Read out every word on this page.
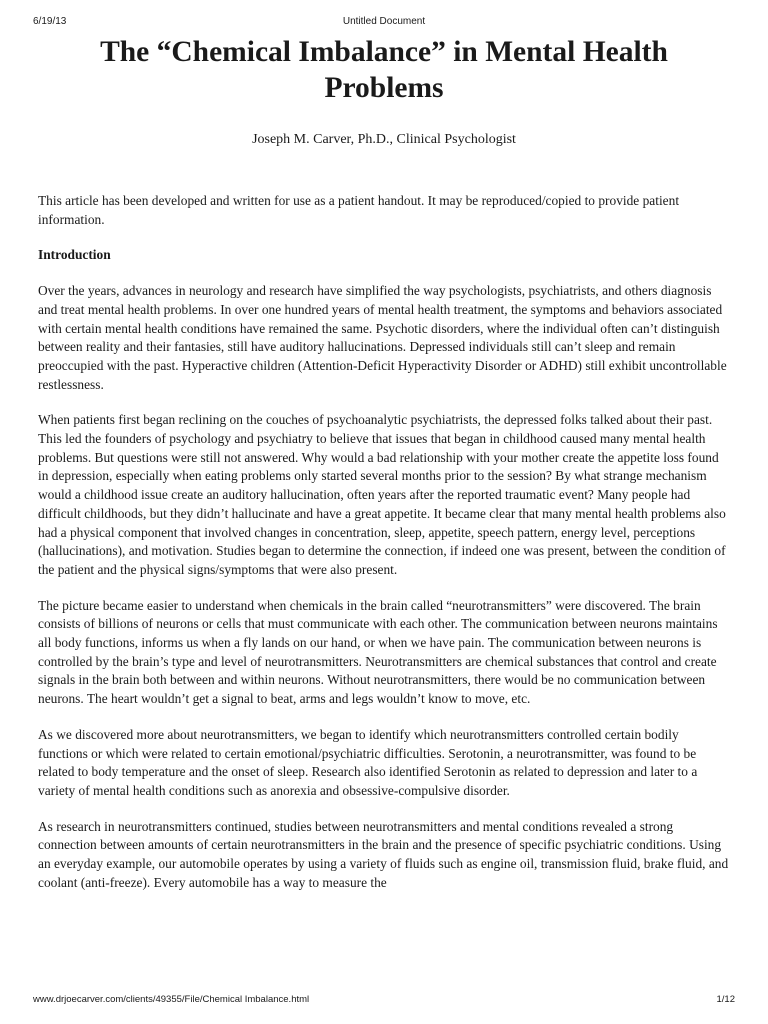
6/19/13	Untitled Document
The “Chemical Imbalance” in Mental Health Problems
Joseph M. Carver, Ph.D., Clinical Psychologist

This article has been developed and written for use as a patient handout. It may be reproduced/copied to provide patient information.

Introduction

Over the years, advances in neurology and research have simplified the way psychologists, psychiatrists, and others diagnosis and treat mental health problems. In over one hundred years of mental health treatment, the symptoms and behaviors associated with certain mental health conditions have remained the same. Psychotic disorders, where the individual often can’t distinguish between reality and their fantasies, still have auditory hallucinations. Depressed individuals still can’t sleep and remain preoccupied with the past. Hyperactive children (Attention-Deficit Hyperactivity Disorder or ADHD) still exhibit uncontrollable restlessness.

When patients first began reclining on the couches of psychoanalytic psychiatrists, the depressed folks talked about their past. This led the founders of psychology and psychiatry to believe that issues that began in childhood caused many mental health problems. But questions were still not answered. Why would a bad relationship with your mother create the appetite loss found in depression, especially when eating problems only started several months prior to the session? By what strange mechanism would a childhood issue create an auditory hallucination, often years after the reported traumatic event? Many people had difficult childhoods, but they didn’t hallucinate and have a great appetite. It became clear that many mental health problems also had a physical component that involved changes in concentration, sleep, appetite, speech pattern, energy level, perceptions (hallucinations), and motivation. Studies began to determine the connection, if indeed one was present, between the condition of the patient and the physical signs/symptoms that were also present.

The picture became easier to understand when chemicals in the brain called “neurotransmitters” were discovered. The brain consists of billions of neurons or cells that must communicate with each other. The communication between neurons maintains all body functions, informs us when a fly lands on our hand, or when we have pain. The communication between neurons is controlled by the brain’s type and level of neurotransmitters. Neurotransmitters are chemical substances that control and create signals in the brain both between and within neurons. Without neurotransmitters, there would be no communication between neurons. The heart wouldn’t get a signal to beat, arms and legs wouldn’t know to move, etc.

As we discovered more about neurotransmitters, we began to identify which neurotransmitters controlled certain bodily functions or which were related to certain emotional/psychiatric difficulties. Serotonin, a neurotransmitter, was found to be related to body temperature and the onset of sleep. Research also identified Serotonin as related to depression and later to a variety of mental health conditions such as anorexia and obsessive-compulsive disorder.

As research in neurotransmitters continued, studies between neurotransmitters and mental conditions revealed a strong connection between amounts of certain neurotransmitters in the brain and the presence of specific psychiatric conditions. Using an everyday example, our automobile operates by using a variety of fluids such as engine oil, transmission fluid, brake fluid, and coolant (anti-freeze). Every automobile has a way to measure the

www.drjoecarver.com/clients/49355/File/Chemical Imbalance.html	1/12
